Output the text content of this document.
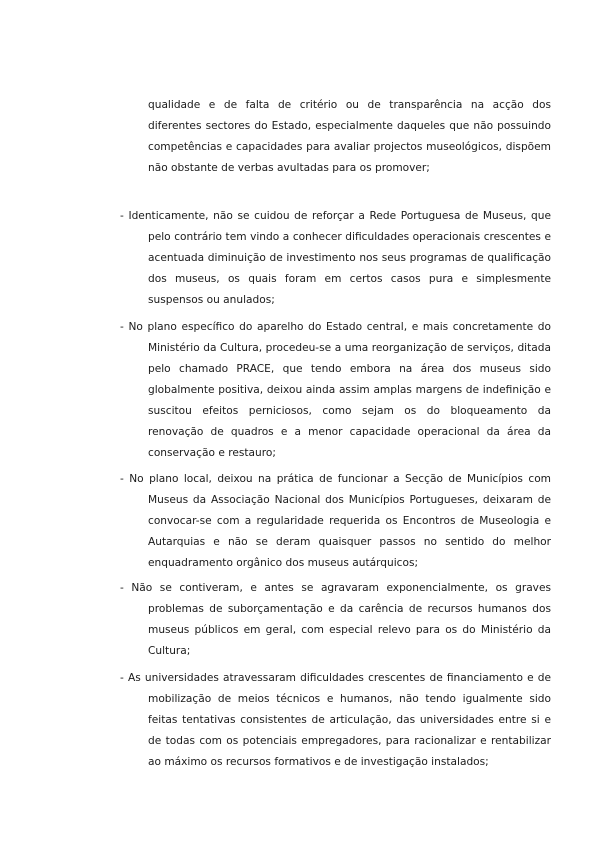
qualidade e de falta de critério ou de transparência na acção dos diferentes sectores do Estado, especialmente daqueles que não possuindo competências e capacidades para avaliar projectos museológicos, dispõem não obstante de verbas avultadas para os promover;

- Identicamente, não se cuidou de reforçar a Rede Portuguesa de Museus, que pelo contrário tem vindo a conhecer dificuldades operacionais crescentes e acentuada diminuição de investimento nos seus programas de qualificação dos museus, os quais foram em certos casos pura e simplesmente suspensos ou anulados;

- No plano específico do aparelho do Estado central, e mais concretamente do Ministério da Cultura, procedeu-se a uma reorganização de serviços, ditada pelo chamado PRACE, que tendo embora na área dos museus sido globalmente positiva, deixou ainda assim amplas margens de indefinição e suscitou efeitos perniciosos, como sejam os do bloqueamento da renovação de quadros e a menor capacidade operacional da área da conservação e restauro;

- No plano local, deixou na prática de funcionar a Secção de Municípios com Museus da Associação Nacional dos Municípios Portugueses, deixaram de convocar-se com a regularidade requerida os Encontros de Museologia e Autarquias e não se deram quaisquer passos no sentido do melhor enquadramento orgânico dos museus autárquicos;

- Não se contiveram, e antes se agravaram exponencialmente, os graves problemas de suborçamentação e da carência de recursos humanos dos museus públicos em geral, com especial relevo para os do Ministério da Cultura;

- As universidades atravessaram dificuldades crescentes de financiamento e de mobilização de meios técnicos e humanos, não tendo igualmente sido feitas tentativas consistentes de articulação, das universidades entre si e de todas com os potenciais empregadores, para racionalizar e rentabilizar ao máximo os recursos formativos e de investigação instalados;
